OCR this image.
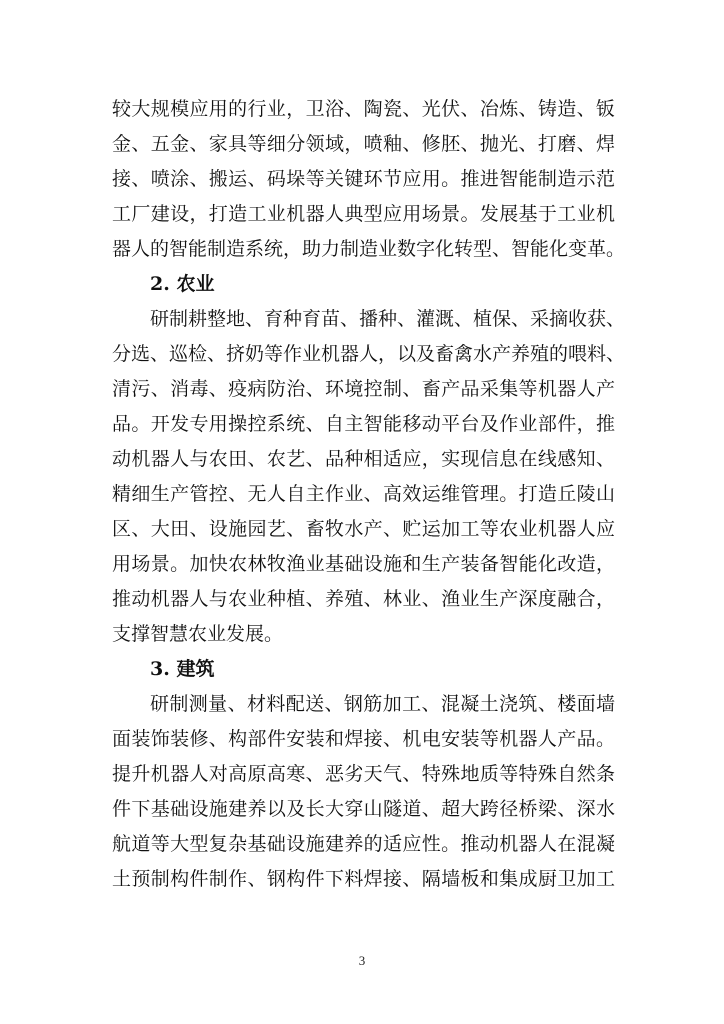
较大规模应用的行业，卫浴、陶瓷、光伏、冶炼、铸造、钣
金、五金、家具等细分领域，喷釉、修胚、抛光、打磨、焊
接、喷涂、搬运、码垛等关键环节应用。推进智能制造示范
工厂建设，打造工业机器人典型应用场景。发展基于工业机
器人的智能制造系统，助力制造业数字化转型、智能化变革。
2. 农业
研制耕整地、育种育苗、播种、灌溉、植保、采摘收获、
分选、巡检、挤奶等作业机器人，以及畜禽水产养殖的喂料、
清污、消毒、疫病防治、环境控制、畜产品采集等机器人产
品。开发专用操控系统、自主智能移动平台及作业部件，推
动机器人与农田、农艺、品种相适应，实现信息在线感知、
精细生产管控、无人自主作业、高效运维管理。打造丘陵山
区、大田、设施园艺、畜牧水产、贮运加工等农业机器人应
用场景。加快农林牧渔业基础设施和生产装备智能化改造，
推动机器人与农业种植、养殖、林业、渔业生产深度融合，
支撑智慧农业发展。
3. 建筑
研制测量、材料配送、钢筋加工、混凝土浇筑、楼面墙
面装饰装修、构部件安装和焊接、机电安装等机器人产品。
提升机器人对高原高寒、恶劣天气、特殊地质等特殊自然条
件下基础设施建养以及长大穿山隧道、超大跨径桥梁、深水
航道等大型复杂基础设施建养的适应性。推动机器人在混凝
土预制构件制作、钢构件下料焊接、隔墙板和集成厨卫加工
3
